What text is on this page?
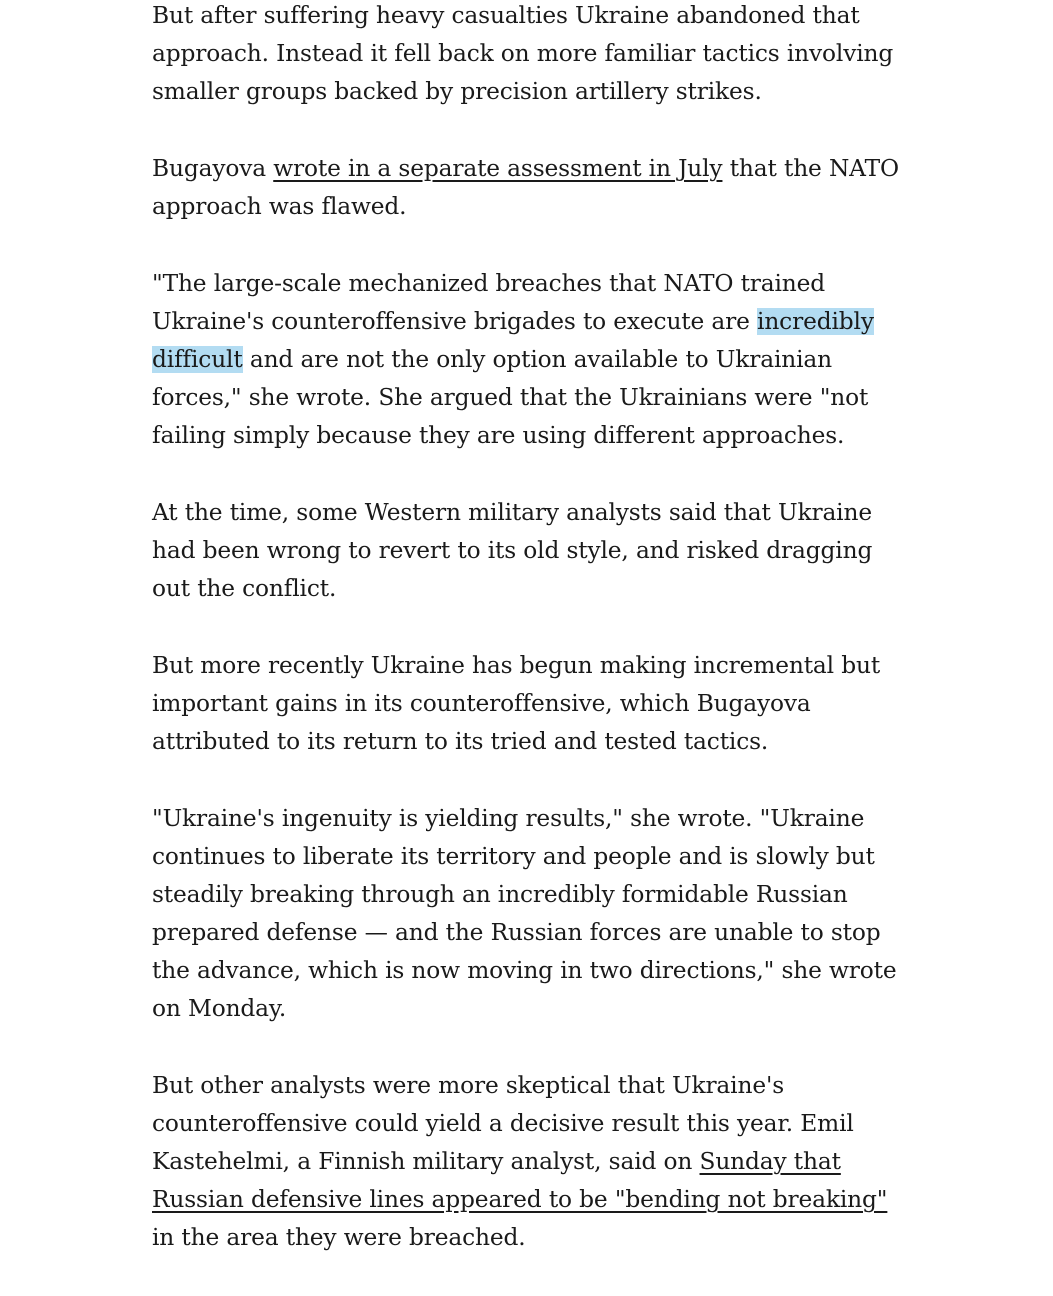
But after suffering heavy casualties Ukraine abandoned that approach. Instead it fell back on more familiar tactics involving smaller groups backed by precision artillery strikes.

Bugayova wrote in a separate assessment in July that the NATO approach was flawed.

"The large-scale mechanized breaches that NATO trained Ukraine's counteroffensive brigades to execute are incredibly difficult and are not the only option available to Ukrainian forces," she wrote. She argued that the Ukrainians were "not failing simply because they are using different approaches.

At the time, some Western military analysts said that Ukraine had been wrong to revert to its old style, and risked dragging out the conflict.

But more recently Ukraine has begun making incremental but important gains in its counteroffensive, which Bugayova attributed to its return to its tried and tested tactics.

"Ukraine's ingenuity is yielding results," she wrote. "Ukraine continues to liberate its territory and people and is slowly but steadily breaking through an incredibly formidable Russian prepared defense — and the Russian forces are unable to stop the advance, which is now moving in two directions," she wrote on Monday.

But other analysts were more skeptical that Ukraine's counteroffensive could yield a decisive result this year. Emil Kastehelmi, a Finnish military analyst, said on Sunday that Russian defensive lines appeared to be "bending not breaking" in the area they were breached.
